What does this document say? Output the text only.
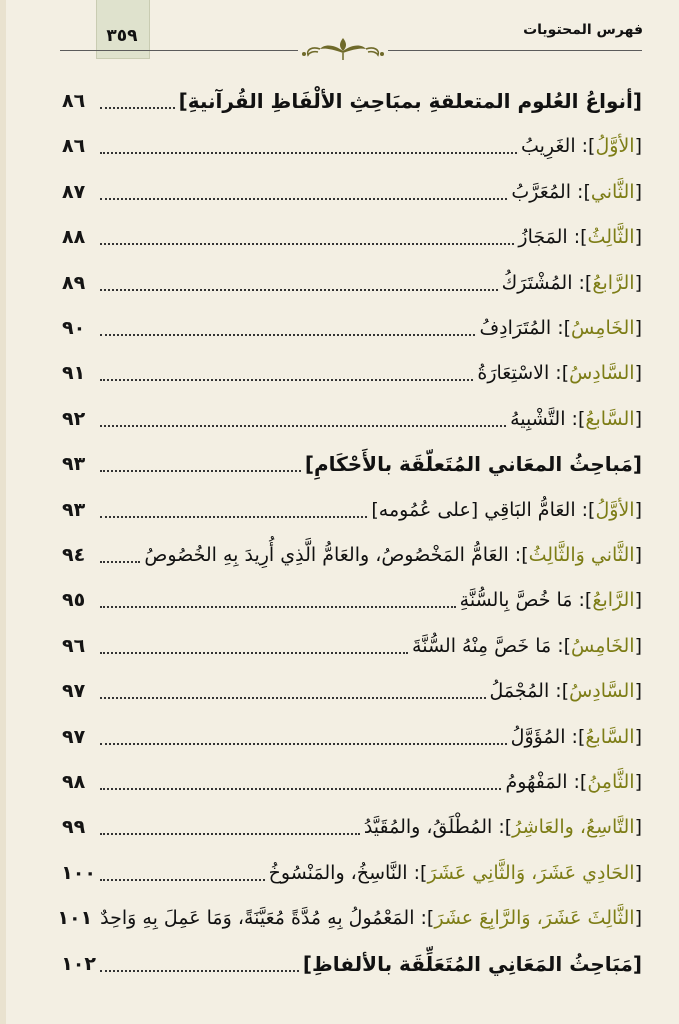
٣٥٩	فهرس المحتويات
[أنواعُ العُلوم المتعلقةِ بمبَاحِثِ الألْفَاظِ القُرآنيةِ]
٨٦
[الأوَّلُ]: الغَرِيبُ
٨٦
[الثَّاني]: المُعَرَّبُ
٨٧
[الثَّالِثُ]: المَجَازُ
٨٨
[الرَّابعُ]: المُشْتَرَكُ
٨٩
[الخَامِسُ]: المُتَرَادِفُ
٩٠
[السَّادِسُ]: الاسْتِعَارَةُ
٩١
[السَّابعُ]: التَّشْبِيهُ
٩٢
[مَباحِثُ المعَاني المُتَعلّقَة بالأَحْكَامِ]
٩٣
[الأوَّلُ]: العَامُّ البَاقِي [على عُمُومه]
٩٣
[الثَّاني وَالثَّالِثُ]: العَامُّ المَخْصُوصُ، والعَامُّ الَّذِي أُرِيدَ بِهِ الخُصُوصُ
٩٤
[الرَّابعُ]: مَا خُصَّ بِالسُّنَّةِ
٩٥
[الخَامِسُ]: مَا خَصَّ مِنْهُ السُّنَّةَ
٩٦
[السَّادِسُ]: المُجْمَلُ
٩٧
[السَّابعُ]: المُؤَوَّلُ
٩٧
[الثَّامِنُ]: المَفْهُومُ
٩٨
[التَّاسِعُ، والعَاشِرُ]: المُطْلَقُ، والمُقَيَّدُ
٩٩
[الحَادِي عَشَرَ، وَالثَّانِي عَشَرَ]: النَّاسِخُ، والمَنْسُوخُ
١٠٠
[الثَّالِثَ عَشَرَ، وَالرَّابِعَ عشَرَ]: المَعْمُولُ بِهِ مُدَّةً مُعَيَّنَةً، وَمَا عَمِلَ بِهِ وَاحِدٌ
١٠١
[مَبَاحِثُ المَعَانِي المُتَعَلِّقَة بالألفاظِ]
١٠٢
